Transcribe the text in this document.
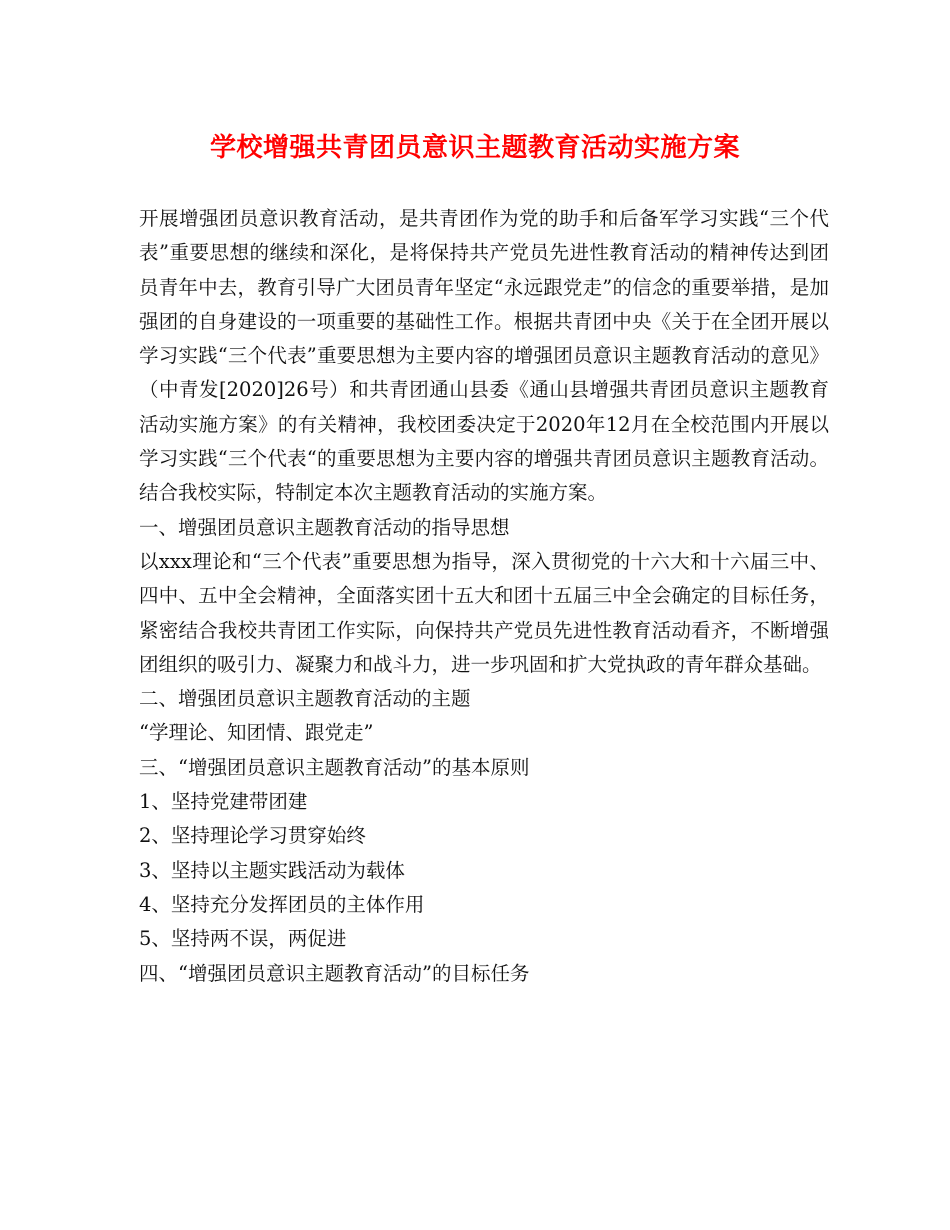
学校增强共青团员意识主题教育活动实施方案

开展增强团员意识教育活动，是共青团作为党的助手和后备军学习实践“三个代表”重要思想的继续和深化，是将保持共产党员先进性教育活动的精神传达到团员青年中去，教育引导广大团员青年坚定“永远跟党走”的信念的重要举措，是加强团的自身建设的一项重要的基础性工作。根据共青团中央《关于在全团开展以学习实践“三个代表”重要思想为主要内容的增强团员意识主题教育活动的意见》（中青发[2020]26号）和共青团通山县委《通山县增强共青团员意识主题教育活动实施方案》的有关精神，我校团委决定于2020年12月在全校范围内开展以学习实践“三个代表“的重要思想为主要内容的增强共青团员意识主题教育活动。结合我校实际，特制定本次主题教育活动的实施方案。

一、增强团员意识主题教育活动的指导思想

以xxx理论和“三个代表”重要思想为指导，深入贯彻党的十六大和十六届三中、四中、五中全会精神，全面落实团十五大和团十五届三中全会确定的目标任务，紧密结合我校共青团工作实际，向保持共产党员先进性教育活动看齐，不断增强团组织的吸引力、凝聚力和战斗力，进一步巩固和扩大党执政的青年群众基础。

二、增强团员意识主题教育活动的主题

“学理论、知团情、跟党走”

三、“增强团员意识主题教育活动”的基本原则

1、坚持党建带团建

2、坚持理论学习贯穿始终

3、坚持以主题实践活动为载体

4、坚持充分发挥团员的主体作用

5、坚持两不误，两促进

四、“增强团员意识主题教育活动”的目标任务
